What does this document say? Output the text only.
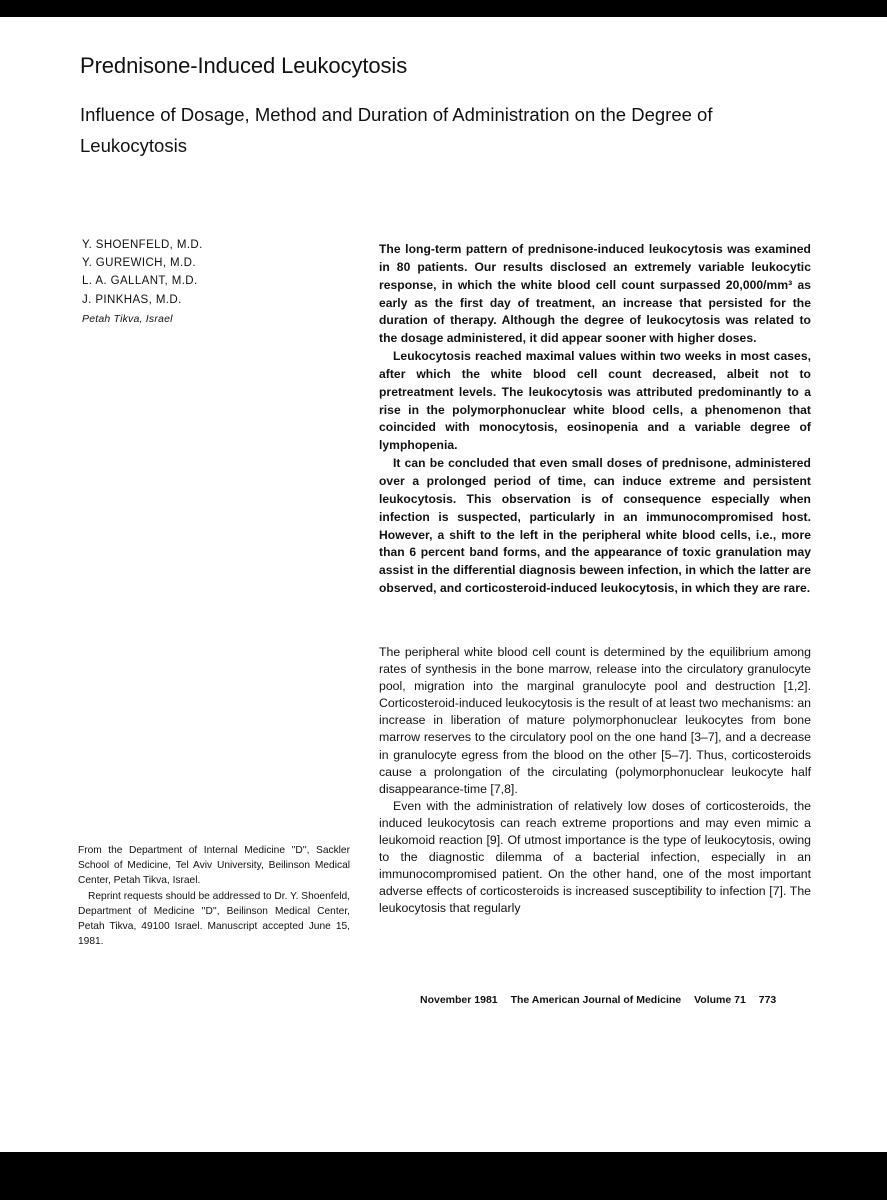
Prednisone-Induced Leukocytosis
Influence of Dosage, Method and Duration of Administration on the Degree of Leukocytosis
Y. SHOENFELD, M.D.
Y. GUREWICH, M.D.
L. A. GALLANT, M.D.
J. PINKHAS, M.D.
Petah Tikva, Israel

The long-term pattern of prednisone-induced leukocytosis was examined in 80 patients. Our results disclosed an extremely variable leukocytic response, in which the white blood cell count surpassed 20,000/mm³ as early as the first day of treatment, an increase that persisted for the duration of therapy. Although the degree of leukocytosis was related to the dosage administered, it did appear sooner with higher doses.

Leukocytosis reached maximal values within two weeks in most cases, after which the white blood cell count decreased, albeit not to pretreatment levels. The leukocytosis was attributed predominantly to a rise in the polymorphonuclear white blood cells, a phenomenon that coincided with monocytosis, eosinopenia and a variable degree of lymphopenia.

It can be concluded that even small doses of prednisone, administered over a prolonged period of time, can induce extreme and persistent leukocytosis. This observation is of consequence especially when infection is suspected, particularly in an immunocompromised host. However, a shift to the left in the peripheral white blood cells, i.e., more than 6 percent band forms, and the appearance of toxic granulation may assist in the differential diagnosis beween infection, in which the latter are observed, and corticosteroid-induced leukocytosis, in which they are rare.

The peripheral white blood cell count is determined by the equilibrium among rates of synthesis in the bone marrow, release into the circulatory granulocyte pool, migration into the marginal granulocyte pool and destruction [1,2]. Corticosteroid-induced leukocytosis is the result of at least two mechanisms: an increase in liberation of mature polymorphonuclear leukocytes from bone marrow reserves to the circulatory pool on the one hand [3–7], and a decrease in granulocyte egress from the blood on the other [5–7]. Thus, corticosteroids cause a prolongation of the circulating (polymorphonuclear leukocyte half disappearance-time [7,8].

Even with the administration of relatively low doses of corticosteroids, the induced leukocytosis can reach extreme proportions and may even mimic a leukomoid reaction [9]. Of utmost importance is the type of leukocytosis, owing to the diagnostic dilemma of a bacterial infection, especially in an immunocompromised patient. On the other hand, one of the most important adverse effects of corticosteroids is increased susceptibility to infection [7]. The leukocytosis that regularly

From the Department of Internal Medicine ''D'', Sackler School of Medicine, Tel Aviv University, Beilinson Medical Center, Petah Tikva, Israel.

Reprint requests should be addressed to Dr. Y. Shoenfeld, Department of Medicine ''D'', Beilinson Medical Center, Petah Tikva, 49100 Israel. Manuscript accepted June 15, 1981.

November 1981 The American Journal of Medicine Volume 71 773
